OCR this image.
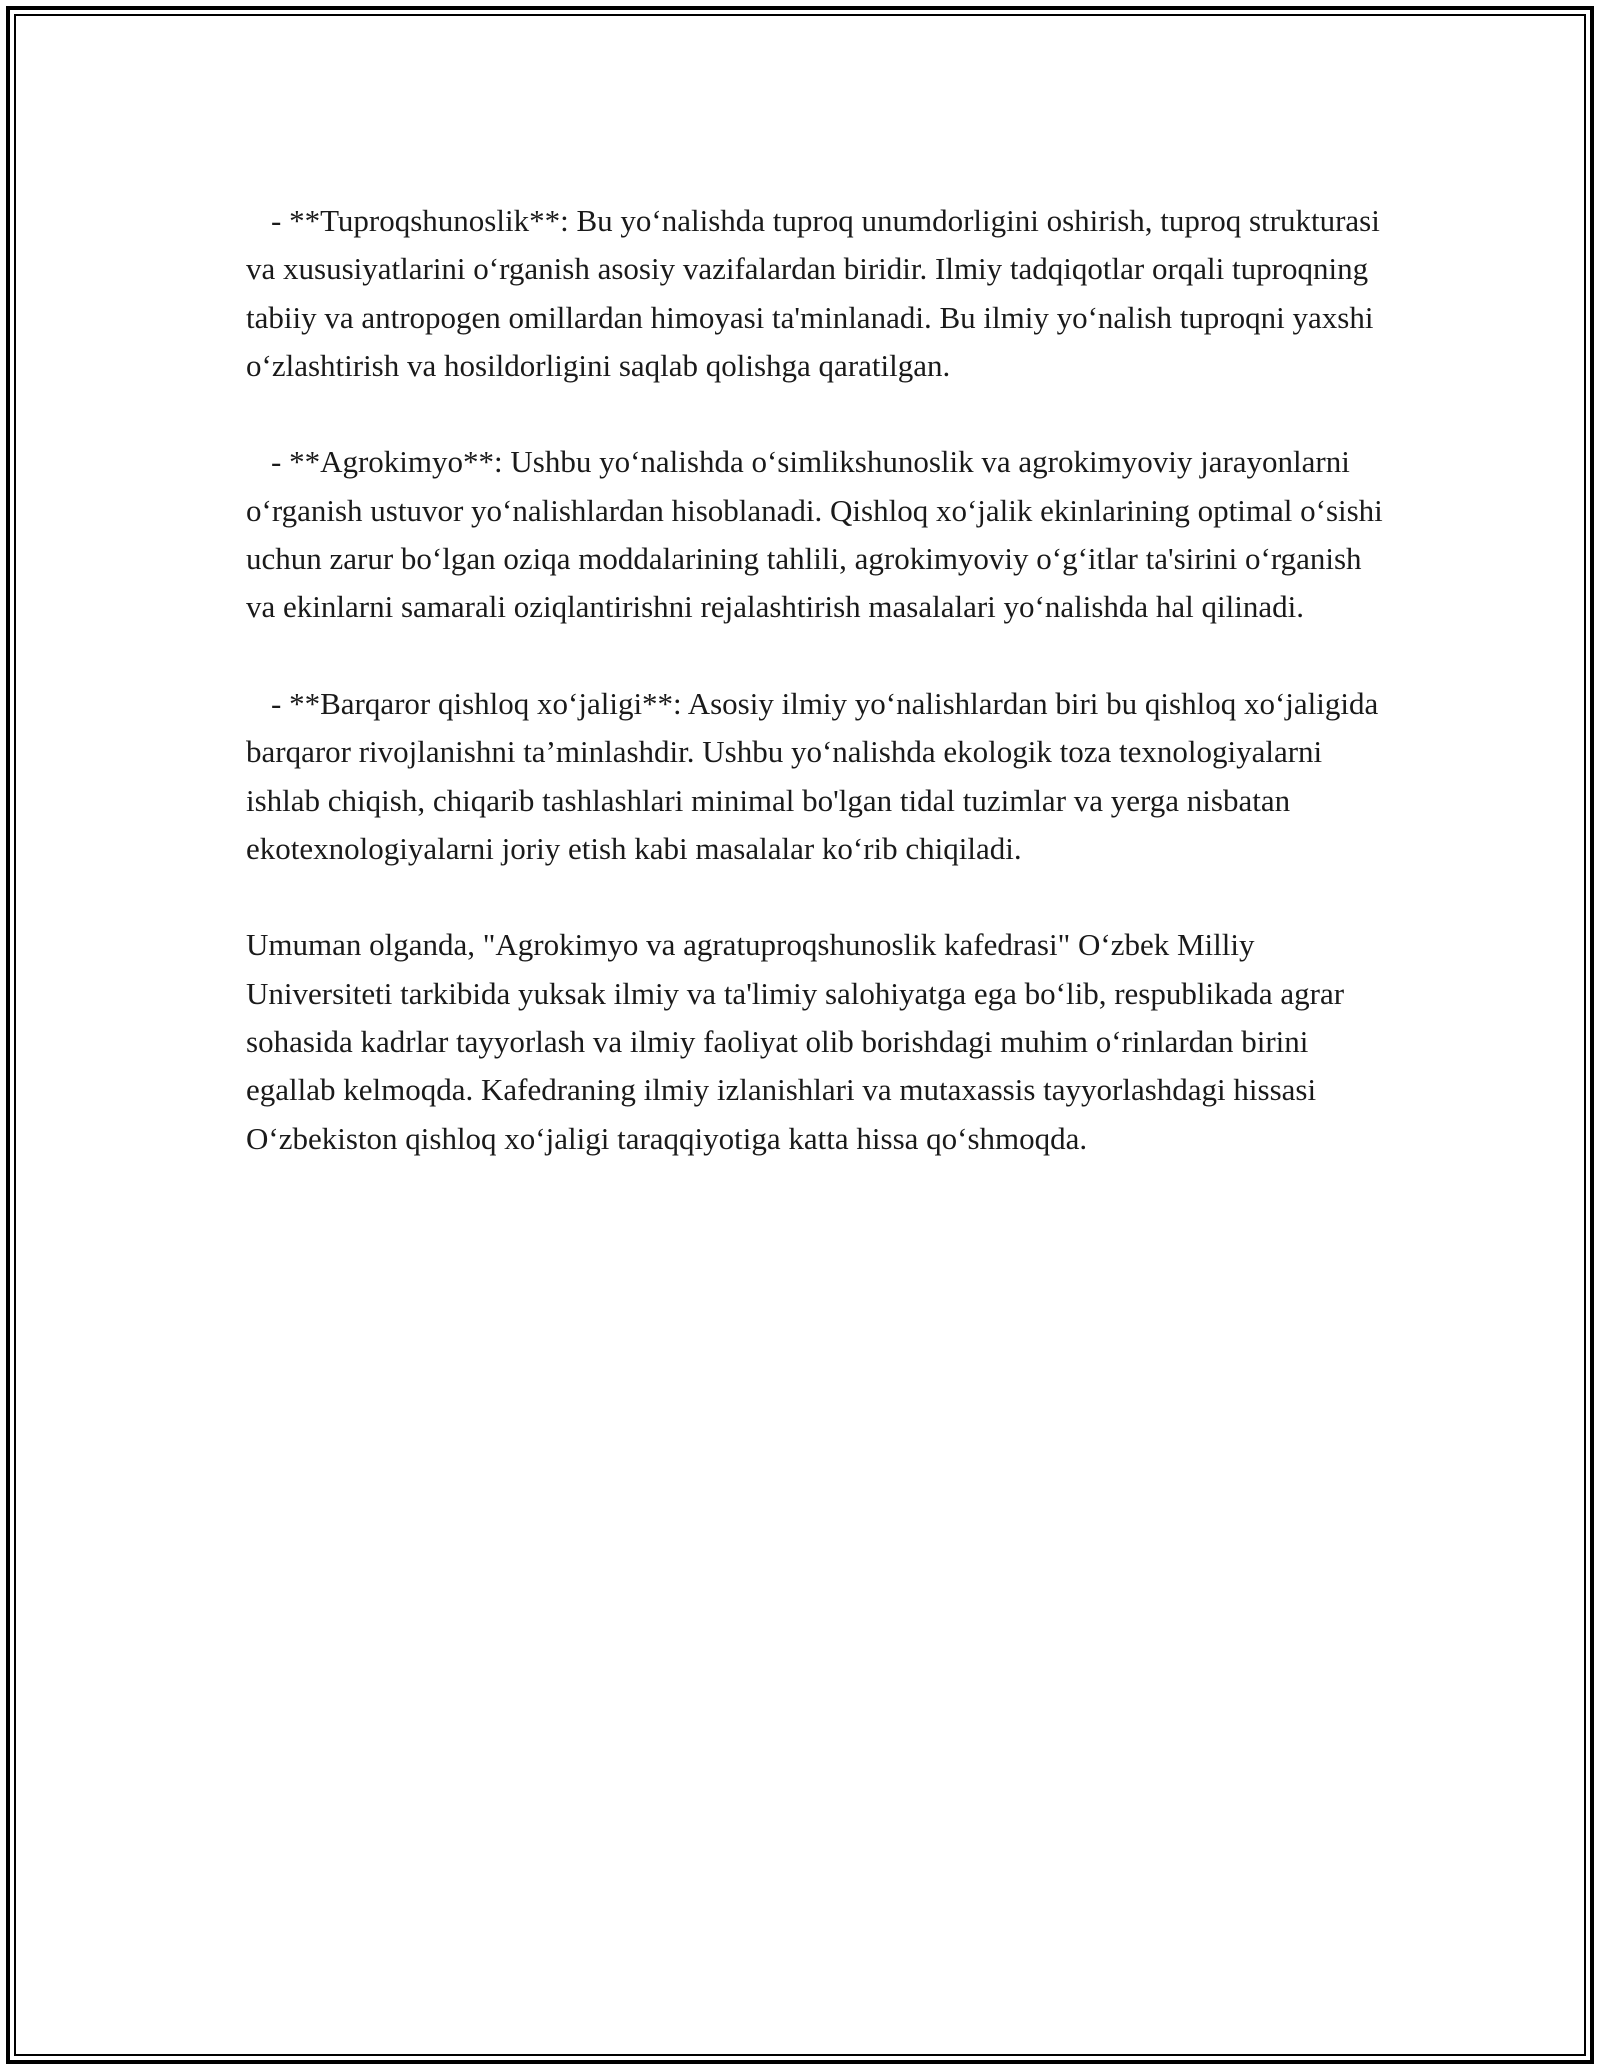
- **Tuproqshunoslik**: Bu yo‘nalishda tuproq unumdorligini oshirish, tuproq strukturasi va xususiyatlarini o‘rganish asosiy vazifalardan biridir. Ilmiy tadqiqotlar orqali tuproqning tabiiy va antropogen omillardan himoyasi ta'minlanadi. Bu ilmiy yo‘nalish tuproqni yaxshi o‘zlashtirish va hosildorligini saqlab qolishga qaratilgan.

- **Agrokimyo**: Ushbu yo‘nalishda o‘simlikshunoslik va agrokimyoviy jarayonlarni o‘rganish ustuvor yo‘nalishlardan hisoblanadi. Qishloq xo‘jalik ekinlarining optimal o‘sishi uchun zarur bo‘lgan oziqa moddalarining tahlili, agrokimyoviy o‘g‘itlar ta'sirini o‘rganish va ekinlarni samarali oziqlantirishni rejalashtirish masalalari yo‘nalishda hal qilinadi.

- **Barqaror qishloq xo‘jaligi**: Asosiy ilmiy yo‘nalishlardan biri bu qishloq xo‘jaligida barqaror rivojlanishni ta’minlashdir. Ushbu yo‘nalishda ekologik toza texnologiyalarni ishlab chiqish, chiqarib tashlashlari minimal bo'lgan tidal tuzimlar va yerga nisbatan ekotexnologiyalarni joriy etish kabi masalalar ko‘rib chiqiladi.

Umuman olganda, "Agrokimyo va agratuproqshunoslik kafedrasi" O‘zbek Milliy Universiteti tarkibida yuksak ilmiy va ta'limiy salohiyatga ega bo‘lib, respublikada agrar sohasida kadrlar tayyorlash va ilmiy faoliyat olib borishdagi muhim o‘rinlardan birini egallab kelmoqda. Kafedraning ilmiy izlanishlari va mutaxassis tayyorlashdagi hissasi O‘zbekiston qishloq xo‘jaligi taraqqiyotiga katta hissa qo‘shmoqda.
